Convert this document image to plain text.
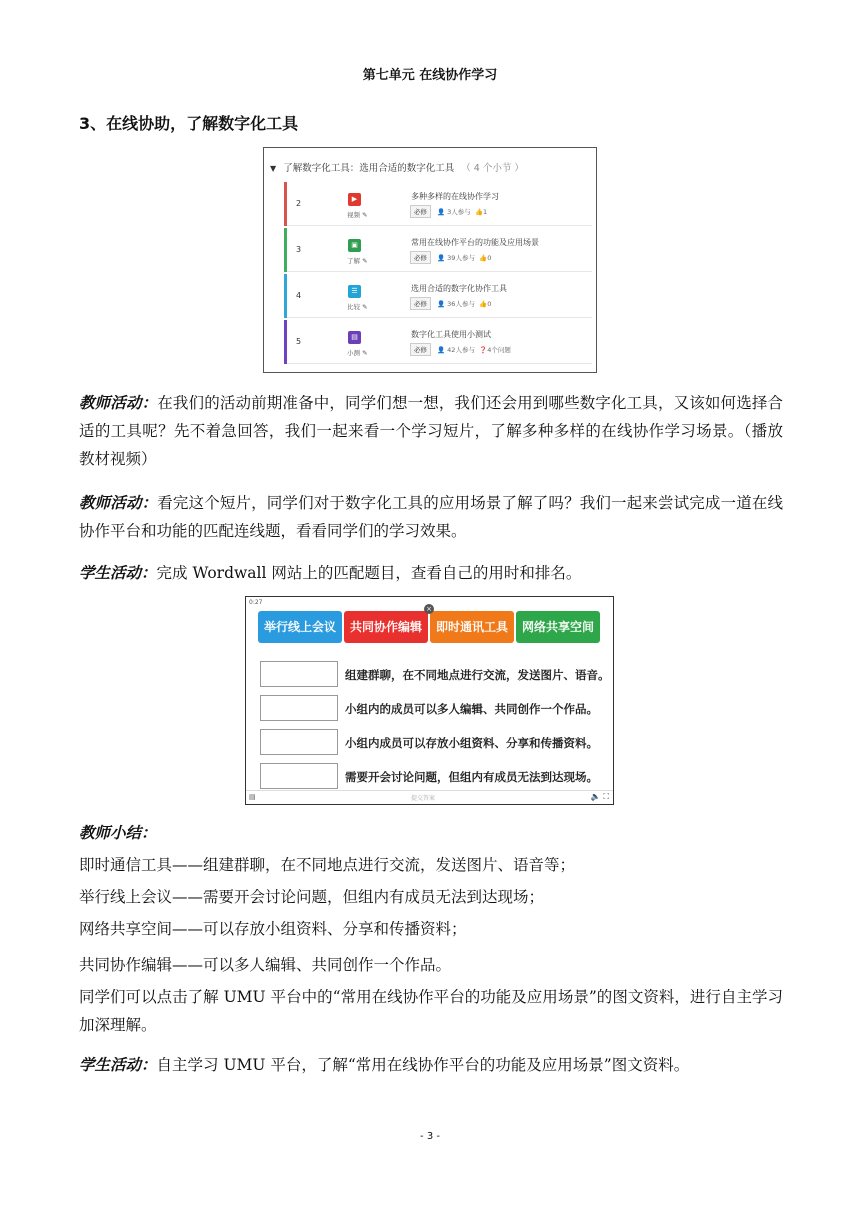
第七单元 在线协作学习
3、在线协助，了解数字化工具
▼ 了解数字化工具：选用合适的数字化工具 （ 4 个小节 ）
2	▶
视频 ✎
多种多样的在线协作学习
必修 👤 3人参与 👍1
3	▣
了解 ✎
常用在线协作平台的功能及应用场景
必修 👤 39人参与 👍0
4	☰
比较 ✎
选用合适的数字化协作工具
必修 👤 36人参与 👍0
5	▤
小测 ✎
数字化工具使用小测试
必修 👤 42人参与 ❓4个问题
教师活动：在我们的活动前期准备中，同学们想一想，我们还会用到哪些数字化工具，又该如何选择合适的工具呢？先不着急回答，我们一起来看一个学习短片，了解多种多样的在线协作学习场景。（播放教材视频）
教师活动：看完这个短片，同学们对于数字化工具的应用场景了解了吗？我们一起来尝试完成一道在线协作平台和功能的匹配连线题，看看同学们的学习效果。
学生活动：完成 Wordwall 网站上的匹配题目，查看自己的用时和排名。
0:27
举行线上会议	共同协作编辑	即时通讯工具	网络共享空间
×
组建群聊，在不同地点进行交流，发送图片、语音。
小组内的成员可以多人编辑、共同创作一个作品。
小组内成员可以存放小组资料、分享和传播资料。
需要开会讨论问题，但组内有成员无法到达现场。
▤	提交答案	🔈 ⛶
教师小结：
即时通信工具——组建群聊，在不同地点进行交流，发送图片、语音等；
举行线上会议——需要开会讨论问题，但组内有成员无法到达现场；
网络共享空间——可以存放小组资料、分享和传播资料；
共同协作编辑——可以多人编辑、共同创作一个作品。
同学们可以点击了解 UMU 平台中的“常用在线协作平台的功能及应用场景”的图文资料，进行自主学习加深理解。
学生活动：自主学习 UMU 平台，了解“常用在线协作平台的功能及应用场景”图文资料。
- 3 -
